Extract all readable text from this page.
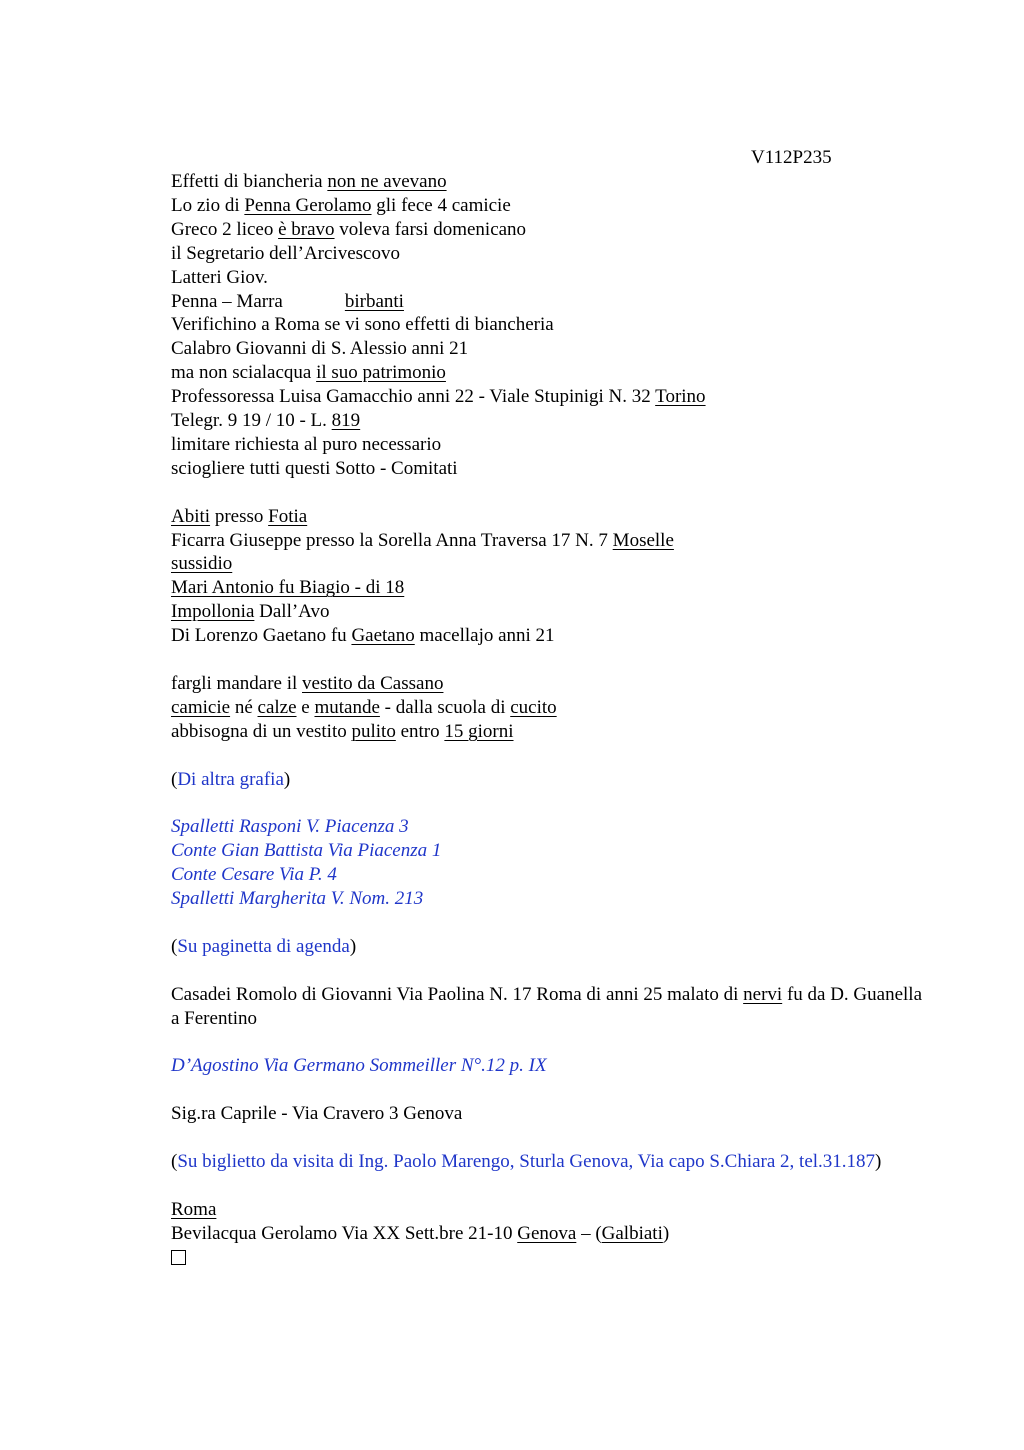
V112P235
Effetti di biancheria non ne avevano
Lo zio di Penna Gerolamo gli fece 4 camicie
Greco 2 liceo è bravo voleva farsi domenicano
il Segretario dell’Arcivescovo
Latteri Giov.
Penna – Marra	birbanti
Verifichino a Roma se vi sono effetti di biancheria
Calabro Giovanni di S. Alessio anni 21
ma non scialacqua il suo patrimonio
Professoressa Luisa Gamacchio anni 22 - Viale Stupinigi N. 32 Torino
Telegr. 9 19 / 10 - L. 819
limitare richiesta al puro necessario
sciogliere tutti questi Sotto - Comitati
Abiti presso Fotia
Ficarra Giuseppe presso la Sorella Anna Traversa 17 N. 7 Moselle
sussidio
Mari Antonio fu Biagio - di 18
Impollonia Dall’Avo
Di Lorenzo Gaetano fu Gaetano macellajo anni 21
fargli mandare il vestito da Cassano
camicie né calze e mutande - dalla scuola di cucito
abbisogna di un vestito pulito entro 15 giorni
(Di altra grafia)
Spalletti Rasponi V. Piacenza 3
Conte Gian Battista Via Piacenza 1
Conte Cesare Via P. 4
Spalletti Margherita V. Nom. 213
(Su paginetta di agenda)
Casadei Romolo di Giovanni Via Paolina N. 17 Roma di anni 25 malato di nervi fu da D. Guanella a Ferentino
D’Agostino Via Germano Sommeiller N°.12 p. IX
Sig.ra Caprile - Via Cravero 3 Genova
(Su biglietto da visita di Ing. Paolo Marengo, Sturla Genova, Via capo S.Chiara 2, tel.31.187)
Roma
Bevilacqua Gerolamo Via XX Sett.bre 21-10 Genova – (Galbiati)
